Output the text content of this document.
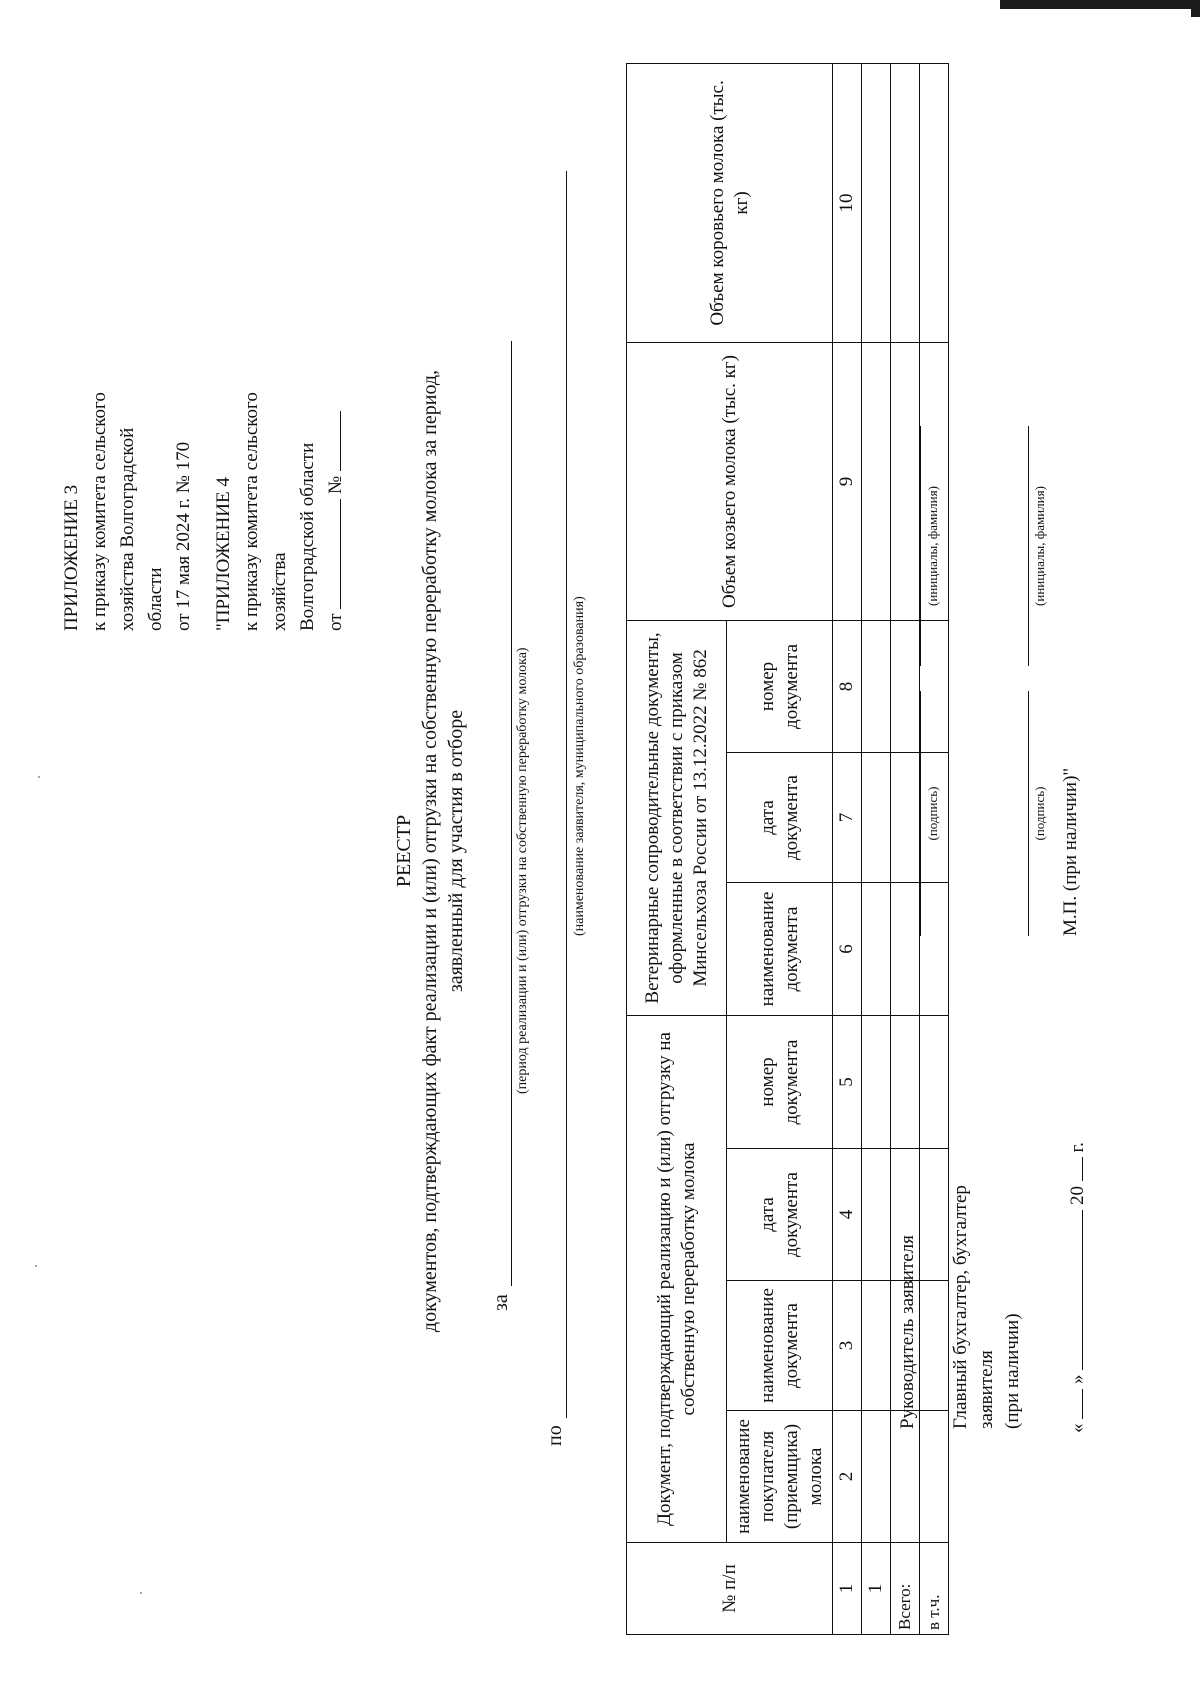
ПРИЛОЖЕНИЕ 3 к приказу комитета сельского хозяйства Волгоградской области от 17 мая 2024 г. № 170 "ПРИЛОЖЕНИЕ 4 к приказу комитета сельского хозяйства Волгоградской области от  №
РЕЕСТР документов, подтверждающих факт реализации и (или) отгрузки на собственную переработку молока за период, заявленный для участия в отборе
за
(период реализации и (или) отгрузки на собственную переработку молока)
по
(наименование заявителя, муниципального образования)
№ п/п	Документ, подтверждающий реализацию и (или) отгрузку на собственную переработку молока				Ветеринарные сопроводительные документы, оформленные в соответствии с приказом Минсельхоза России от 13.12.2022 № 862			Объем козьего молока (тыс. кг)	Объем коровьего молока (тыс. кг)
	наименование покупателя (приемщика) молока	наименование документа	дата документа	номер документа	наименование документа	дата документа	номер документа		
1	2	3	4	5	6	7	8	9	10
1									
Всего:									
в т.ч.									
Руководитель заявителя
(подпись)
(инициалы, фамилия)
Главный бухгалтер, бухгалтер заявителя (при наличии)
(подпись)
(инициалы, фамилия)
«  »  20  г.
М.П. (при наличии)"
